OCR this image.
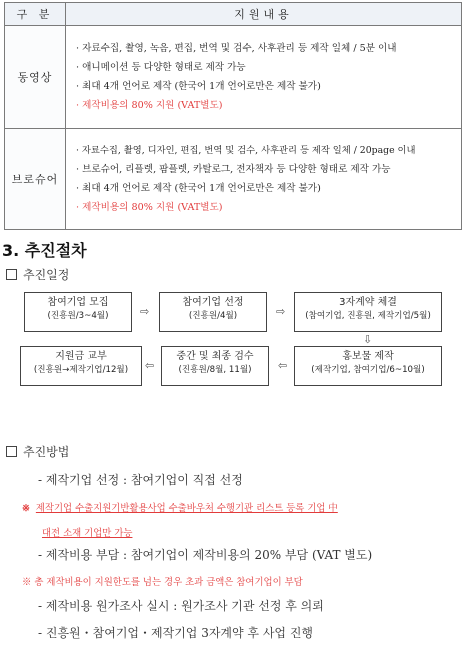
구 분	지원내용
동영상	· 자료수집, 촬영, 녹음, 편집, 번역 및 검수, 사후관리 등 제작 일체 / 5분 이내
· 애니메이션 등 다양한 형태로 제작 가능
· 최대 4개 언어로 제작 (한국어 1개 언어로만은 제작 불가)
· 제작비용의 80% 지원 (VAT별도)

브로슈어	· 자료수집, 촬영, 디자인, 편집, 번역 및 검수, 사후관리 등 제작 일체 / 20page 이내
· 브로슈어, 리플렛, 팜플렛, 카탈로그, 전자책자 등 다양한 형태로 제작 가능
· 최대 4개 언어로 제작 (한국어 1개 언어로만은 제작 불가)
· 제작비용의 80% 지원 (VAT별도)
3. 추진절차
추진일정
참여기업 모집
(진흥원/3~4월)	⇨
참여기업 선정
(진흥원/4월)	⇨
3자계약 체결
(참여기업, 진흥원, 제작기업/5월)
⇩
지원금 교부
(진흥원→제작기업/12월)	⇦
중간 및 최종 검수
(진흥원/8월, 11월)	⇦
홍보물 제작
(제작기업, 참여기업/6~10월)
추진방법
- 제작기업 선정 : 참여기업이 직접 선정
※ 제작기업 수출지원기반활용사업 수출바우처 수행기관 리스트 등록 기업 中
대전 소재 기업만 가능
- 제작비용 부담 : 참여기업이 제작비용의 20% 부담 (VAT 별도)
※ 총 제작비용이 지원한도를 넘는 경우 초과 금액은 참여기업이 부담
- 제작비용 원가조사 실시 : 원가조사 기관 선정 후 의뢰
- 진흥원・참여기업・제작기업 3자계약 후 사업 진행
